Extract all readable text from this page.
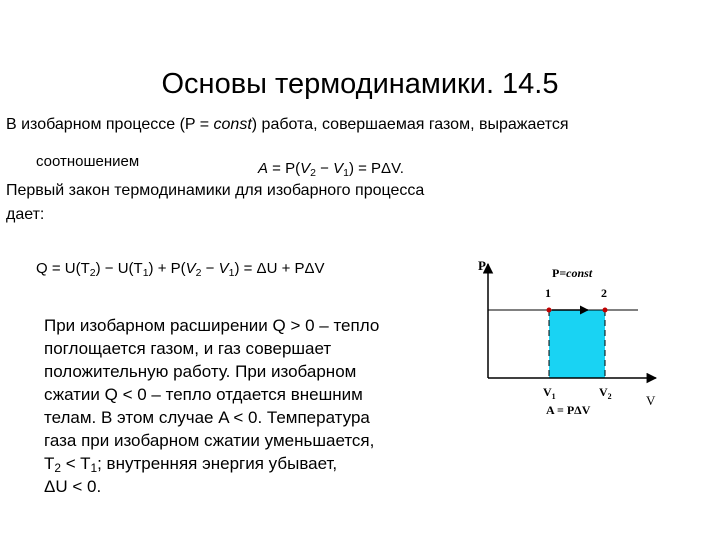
Основы термодинамики. 14.5
В изобарном процессе (P = const) работа, совершаемая газом, выражается
соотношением	$A = P(V_2 - V_1) = P\Delta V$.
Первый закон термодинамики для изобарного процесса
дает:
$Q = U(T_2) - U(T_1) + P(V_2 - V_1) = \Delta U + P\Delta V$
При изобарном расширении Q > 0 – тепло
поглощается газом, и газ совершает
положительную работу. При изобарном
сжатии Q < 0 – тепло отдается внешним
телам. В этом случае A < 0. Температура
газа при изобарном сжатии уменьшается,
$T_2 < T_1$; внутренняя энергия убывает,
ΔU < 0.
P
V
P=const
1	2
$V_1$	$V_2$
A = PΔV
